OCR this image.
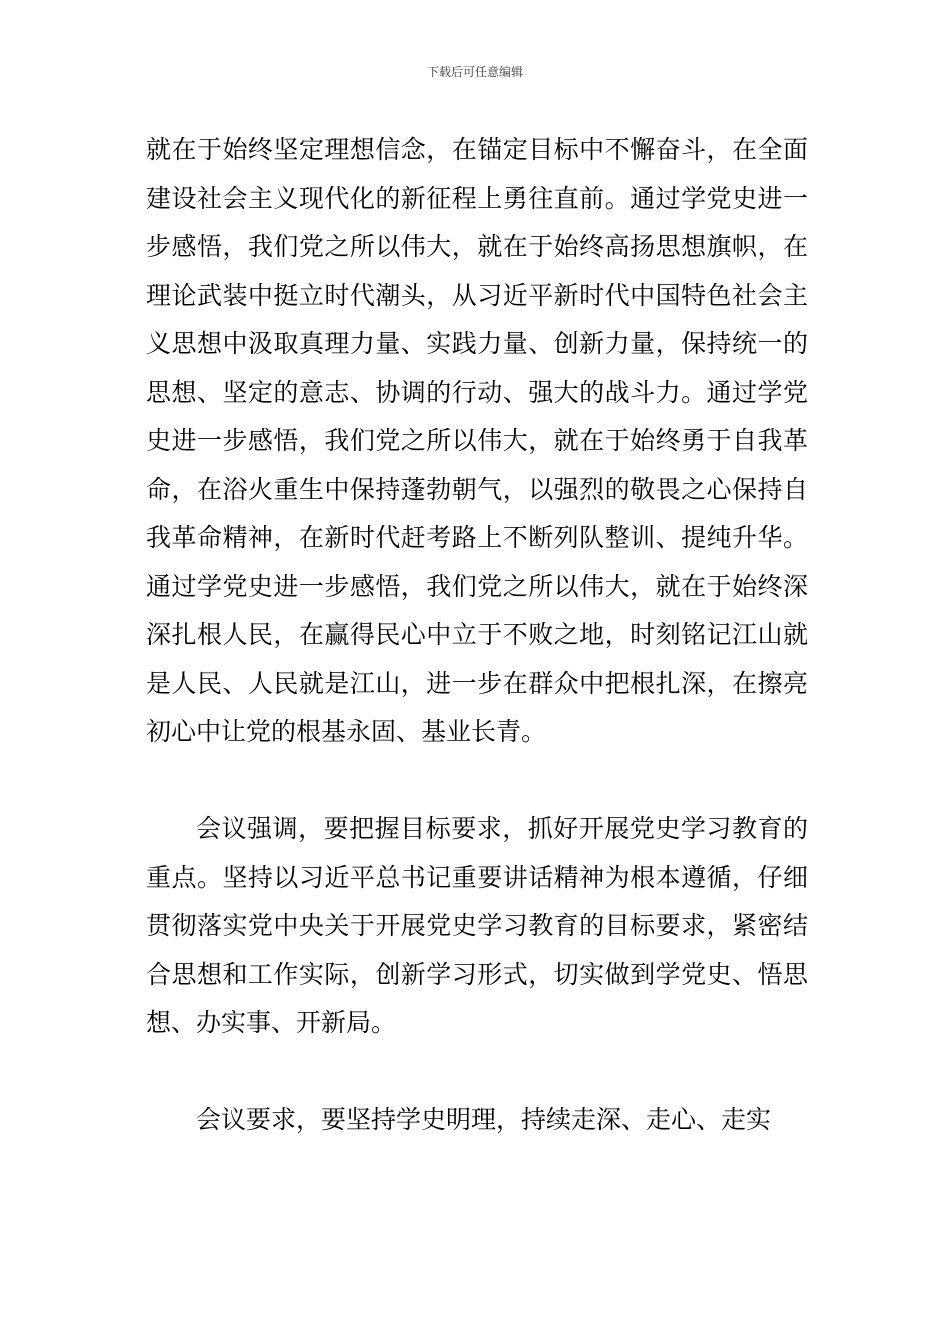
下载后可任意编辑

就在于始终坚定理想信念，在锚定目标中不懈奋斗，在全面建设社会主义现代化的新征程上勇往直前。通过学党史进一步感悟，我们党之所以伟大，就在于始终高扬思想旗帜，在理论武装中挺立时代潮头，从习近平新时代中国特色社会主义思想中汲取真理力量、实践力量、创新力量，保持统一的思想、坚定的意志、协调的行动、强大的战斗力。通过学党史进一步感悟，我们党之所以伟大，就在于始终勇于自我革命，在浴火重生中保持蓬勃朝气，以强烈的敬畏之心保持自我革命精神，在新时代赶考路上不断列队整训、提纯升华。通过学党史进一步感悟，我们党之所以伟大，就在于始终深深扎根人民，在赢得民心中立于不败之地，时刻铭记江山就是人民、人民就是江山，进一步在群众中把根扎深，在擦亮初心中让党的根基永固、基业长青。

会议强调，要把握目标要求，抓好开展党史学习教育的重点。坚持以习近平总书记重要讲话精神为根本遵循，仔细贯彻落实党中央关于开展党史学习教育的目标要求，紧密结合思想和工作实际，创新学习形式，切实做到学党史、悟思想、办实事、开新局。

会议要求，要坚持学史明理，持续走深、走心、走实
